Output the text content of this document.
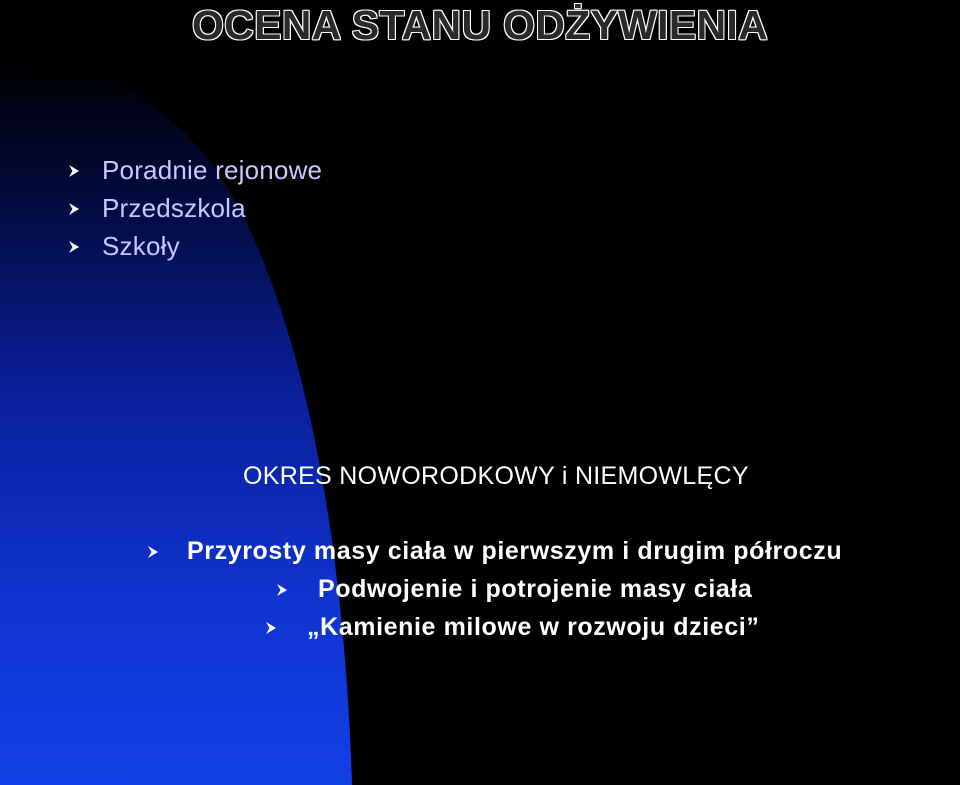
OCENA STANU ODŻYWIENIA
Poradnie rejonowe
Przedszkola
Szkoły
OKRES NOWORODKOWY i NIEMOWLĘCY
Przyrosty masy ciała w pierwszym i drugim półroczu
Podwojenie i potrojenie masy ciała
„Kamienie milowe w rozwoju dzieci”
